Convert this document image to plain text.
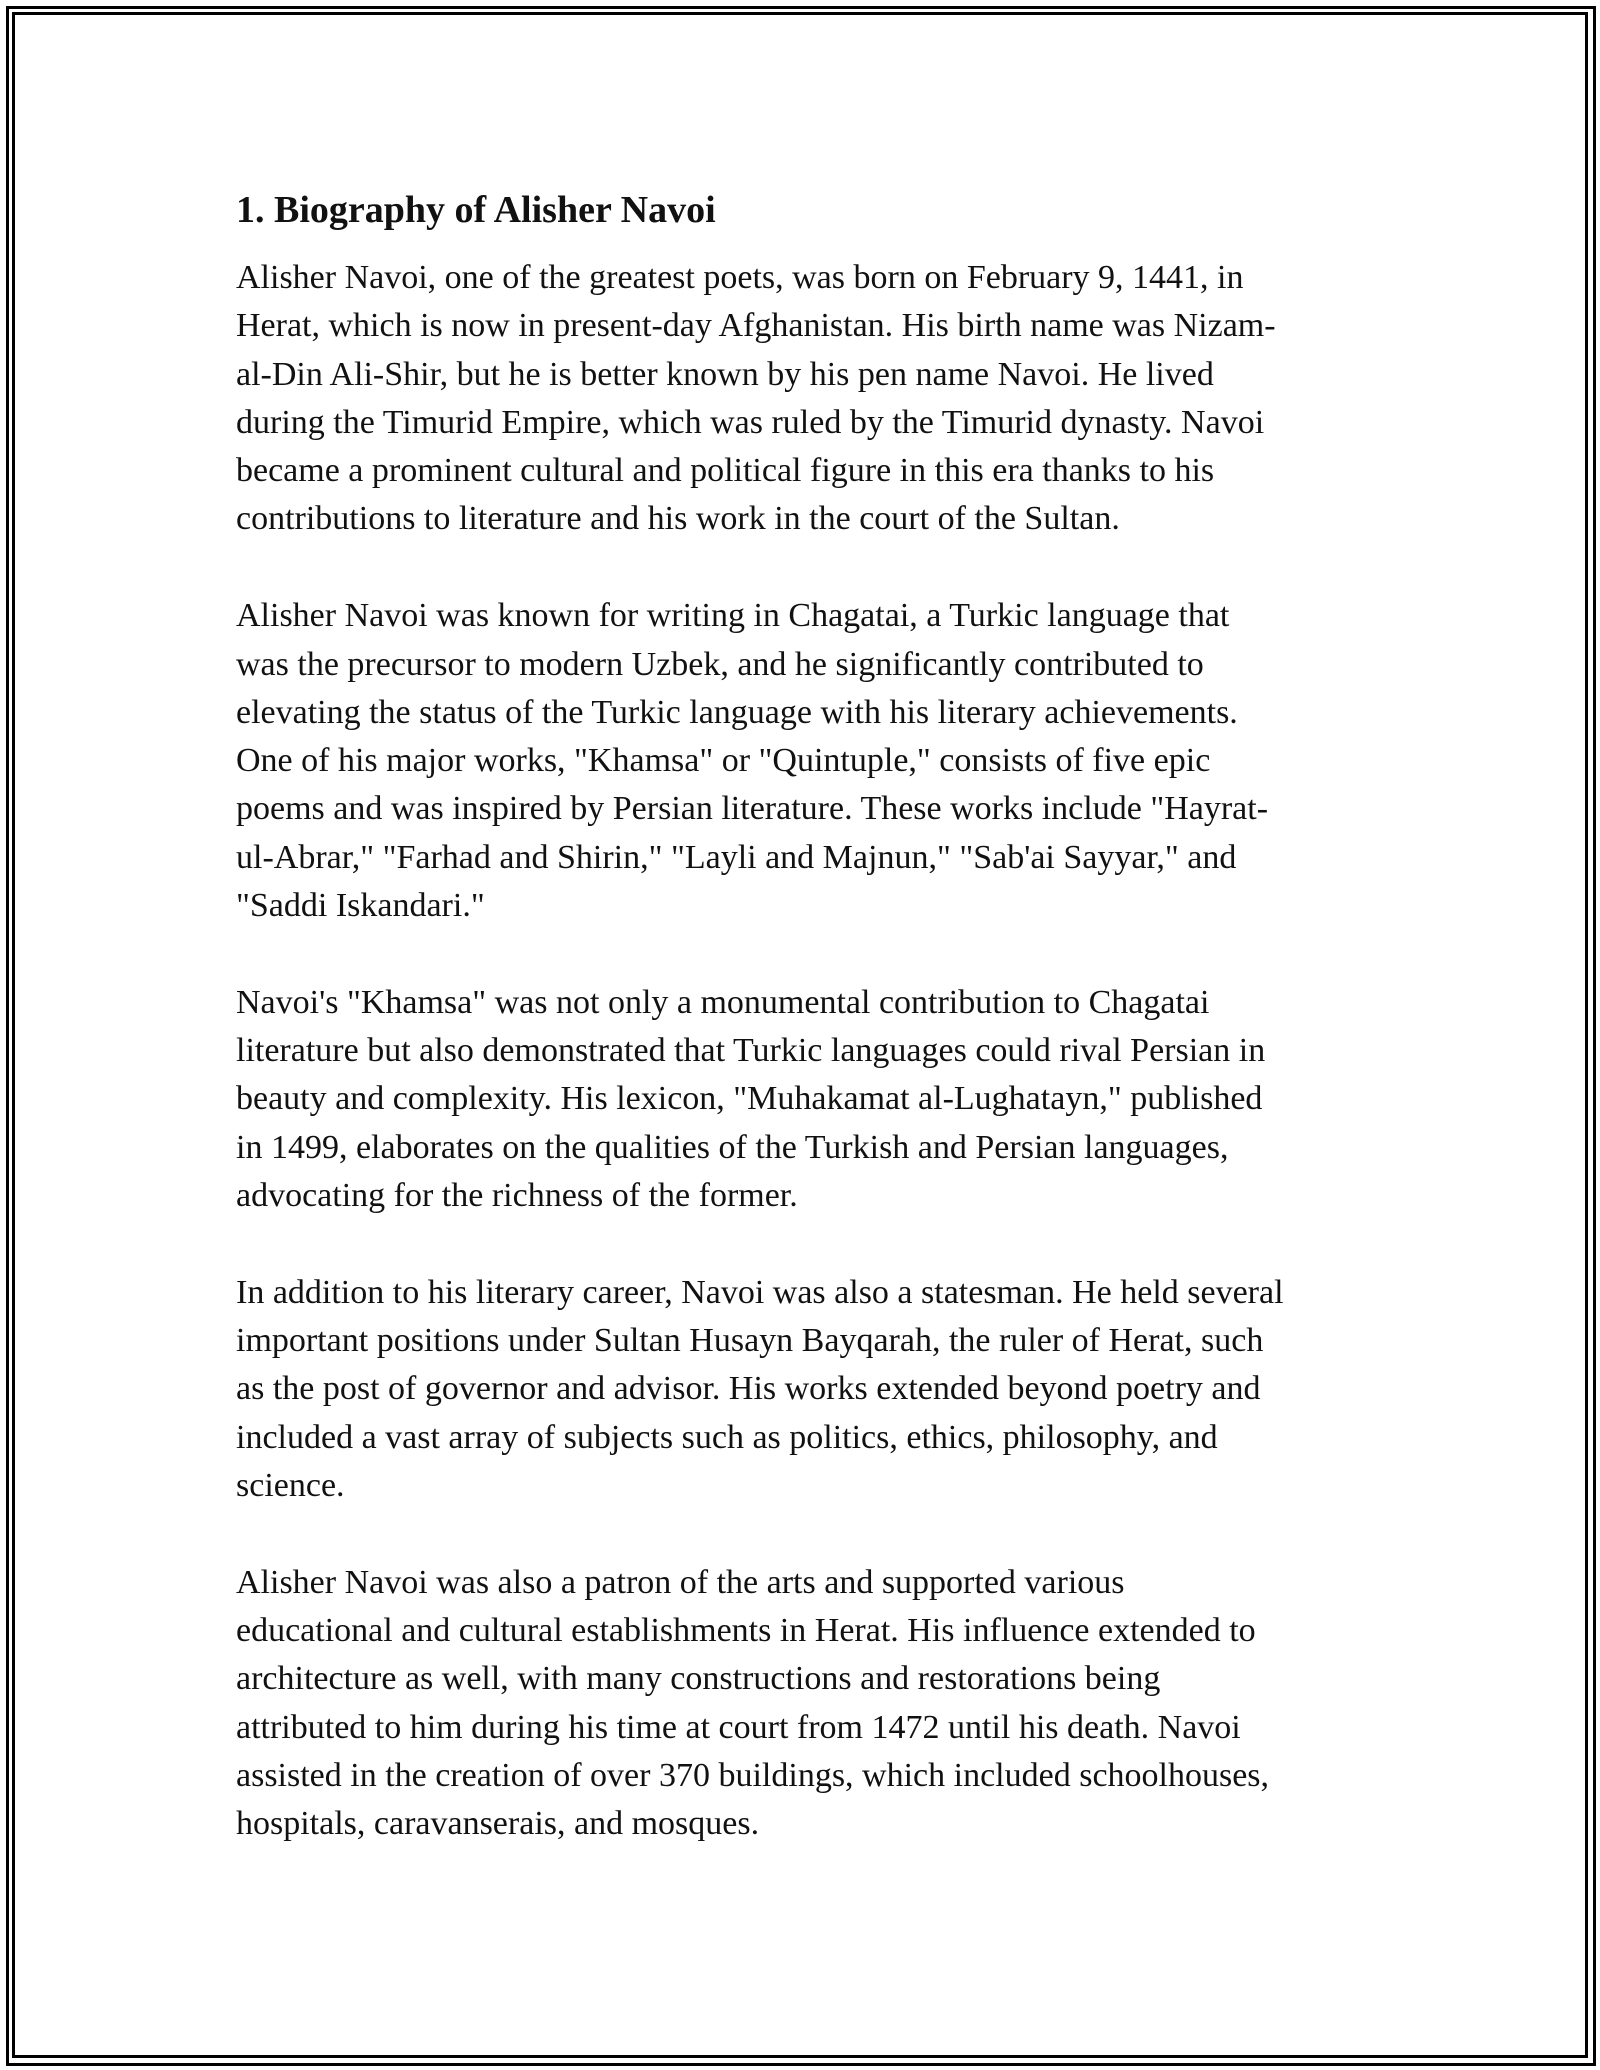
1. Biography of Alisher Navoi
Alisher Navoi, one of the greatest poets, was born on February 9, 1441, in
Herat, which is now in present-day Afghanistan. His birth name was Nizam-
al-Din Ali-Shir, but he is better known by his pen name Navoi. He lived
during the Timurid Empire, which was ruled by the Timurid dynasty. Navoi
became a prominent cultural and political figure in this era thanks to his
contributions to literature and his work in the court of the Sultan.
Alisher Navoi was known for writing in Chagatai, a Turkic language that
was the precursor to modern Uzbek, and he significantly contributed to
elevating the status of the Turkic language with his literary achievements.
One of his major works, "Khamsa" or "Quintuple," consists of five epic
poems and was inspired by Persian literature. These works include "Hayrat-
ul-Abrar," "Farhad and Shirin," "Layli and Majnun," "Sab'ai Sayyar," and
"Saddi Iskandari."
Navoi's "Khamsa" was not only a monumental contribution to Chagatai
literature but also demonstrated that Turkic languages could rival Persian in
beauty and complexity. His lexicon, "Muhakamat al-Lughatayn," published
in 1499, elaborates on the qualities of the Turkish and Persian languages,
advocating for the richness of the former.
In addition to his literary career, Navoi was also a statesman. He held several
important positions under Sultan Husayn Bayqarah, the ruler of Herat, such
as the post of governor and advisor. His works extended beyond poetry and
included a vast array of subjects such as politics, ethics, philosophy, and
science.
Alisher Navoi was also a patron of the arts and supported various
educational and cultural establishments in Herat. His influence extended to
architecture as well, with many constructions and restorations being
attributed to him during his time at court from 1472 until his death. Navoi
assisted in the creation of over 370 buildings, which included schoolhouses,
hospitals, caravanserais, and mosques.
